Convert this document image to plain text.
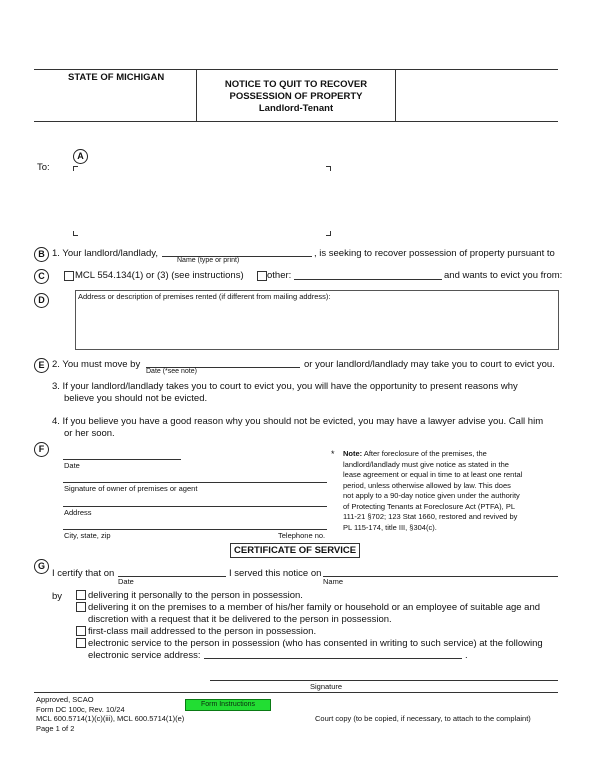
STATE OF MICHIGAN
NOTICE TO QUIT TO RECOVER
POSSESSION OF PROPERTY
Landlord-Tenant
A
To:
B 1. Your landlord/landlady,
Name (type or print)
, is seeking to recover possession of property pursuant to
C	MCL 554.134(1) or (3) (see instructions) other:	and wants to evict you from:
D	Address or description of premises rented (if different from mailing address):
E 2. You must move by
Date (*see note)
or your landlord/landlady may take you to court to evict you.
3. If your landlord/landlady takes you to court to evict you, you will have the opportunity to present reasons why
believe you should not be evicted.
4. If you believe you have a good reason why you should not be evicted, you may have a lawyer advise you. Call him
or her soon.
F
Date
Signature of owner of premises or agent
Address
City, state, zip	Telephone no.
* Note: After foreclosure of the premises, the
landlord/landlady must give notice as stated in the
lease agreement or equal in time to at least one rental
period, unless otherwise allowed by law. This does
not apply to a 90-day notice given under the authority
of Protecting Tenants at Foreclosure Act (PTFA), PL
111-21 §702; 123 Stat 1660, restored and revived by
PL 115-174, title III, §304(c).
CERTIFICATE OF SERVICE
G
I certify that on
Date
I served this notice on
Name
by	delivering it personally to the person in possession.
delivering it on the premises to a member of his/her family or household or an employee of suitable age and
discretion with a request that it be delivered to the person in possession.
first-class mail addressed to the person in possession.
electronic service to the person in possession (who has consented in writing to such service) at the following
electronic service address:	.
Signature
Approved, SCAO
Form DC 100c, Rev. 10/24
MCL 600.5714(1)(c)(iii), MCL 600.5714(1)(e)
Page 1 of 2
Form Instructions
Court copy (to be copied, if necessary, to attach to the complaint)
